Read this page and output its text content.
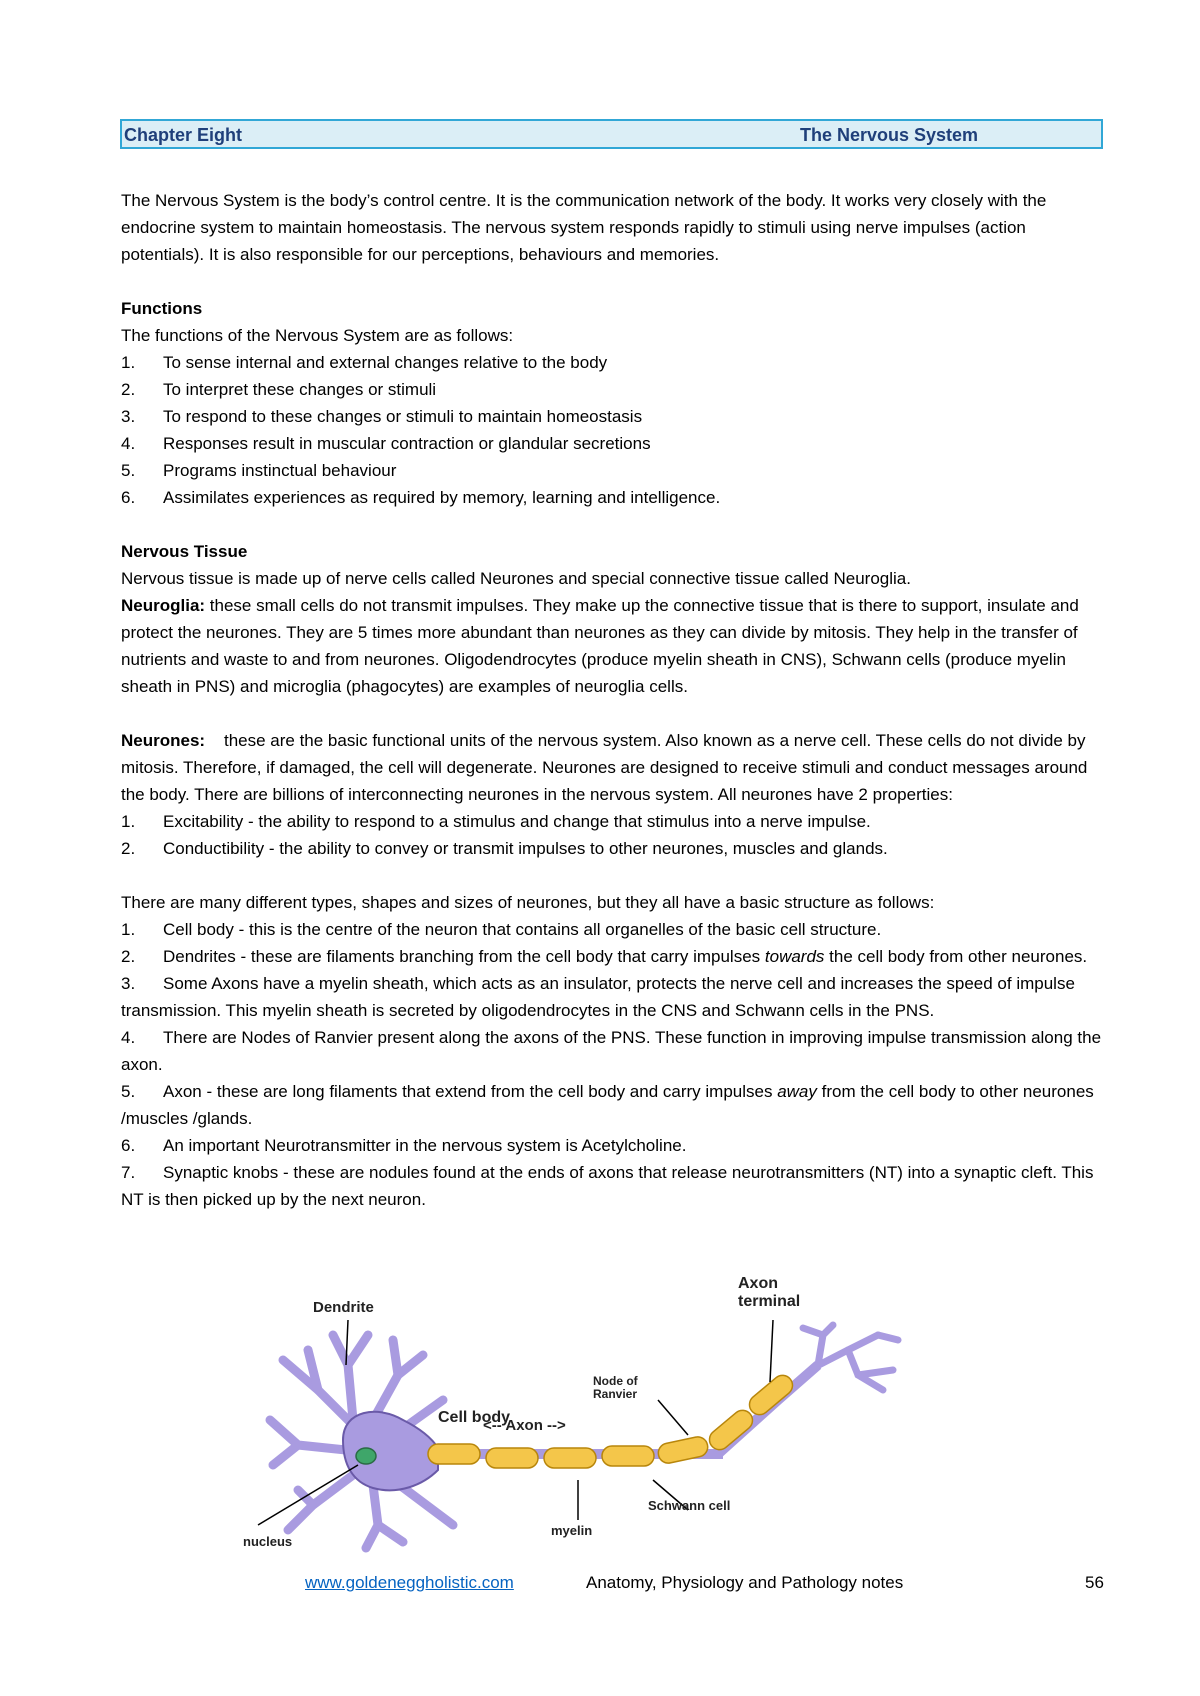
Chapter Eight	The Nervous System

The Nervous System is the body’s control centre. It is the communication network of the body. It works very closely with the endocrine system to maintain homeostasis. The nervous system responds rapidly to stimuli using nerve impulses (action potentials). It is also responsible for our perceptions, behaviours and memories.

Functions

The functions of the Nervous System are as follows:

1. To sense internal and external changes relative to the body
2. To interpret these changes or stimuli
3. To respond to these changes or stimuli to maintain homeostasis
4. Responses result in muscular contraction or glandular secretions
5. Programs instinctual behaviour
6. Assimilates experiences as required by memory, learning and intelligence.

Nervous Tissue

Nervous tissue is made up of nerve cells called Neurones and special connective tissue called Neuroglia.

Neuroglia: these small cells do not transmit impulses. They make up the connective tissue that is there to support, insulate and protect the neurones. They are 5 times more abundant than neurones as they can divide by mitosis. They help in the transfer of nutrients and waste to and from neurones. Oligodendrocytes (produce myelin sheath in CNS), Schwann cells (produce myelin sheath in PNS) and microglia (phagocytes) are examples of neuroglia cells.

Neurones:    these are the basic functional units of the nervous system. Also known as a nerve cell. These cells do not divide by mitosis. Therefore, if damaged, the cell will degenerate. Neurones are designed to receive stimuli and conduct messages around the body. There are billions of interconnecting neurones in the nervous system. All neurones have 2 properties:

1. Excitability - the ability to respond to a stimulus and change that stimulus into a nerve impulse.
2. Conductibility - the ability to convey or transmit impulses to other neurones, muscles and glands.

There are many different types, shapes and sizes of neurones, but they all have a basic structure as follows:

1. Cell body - this is the centre of the neuron that contains all organelles of the basic cell structure.

2. Dendrites - these are filaments branching from the cell body that carry impulses towards the cell body from other neurones.

3. Some Axons have a myelin sheath, which acts as an insulator, protects the nerve cell and increases the speed of impulse transmission. This myelin sheath is secreted by oligodendrocytes in the CNS and Schwann cells in the PNS.

4. There are Nodes of Ranvier present along the axons of the PNS. These function in improving impulse transmission along the axon.

5. Axon - these are long filaments that extend from the cell body and carry impulses away from the cell body to other neurones /muscles /glands.

6. An important Neurotransmitter in the nervous system is Acetylcholine.

7. Synaptic knobs - these are nodules found at the ends of axons that release neurotransmitters (NT) into a synaptic cleft. This NT is then picked up by the next neuron.

Dendrite
Cell body
<-- Axon -->
Node of
Ranvier
Axon
terminal
Schwann cell
myelin
nucleus
www.goldeneggholistic.com	Anatomy, Physiology and Pathology notes	56
